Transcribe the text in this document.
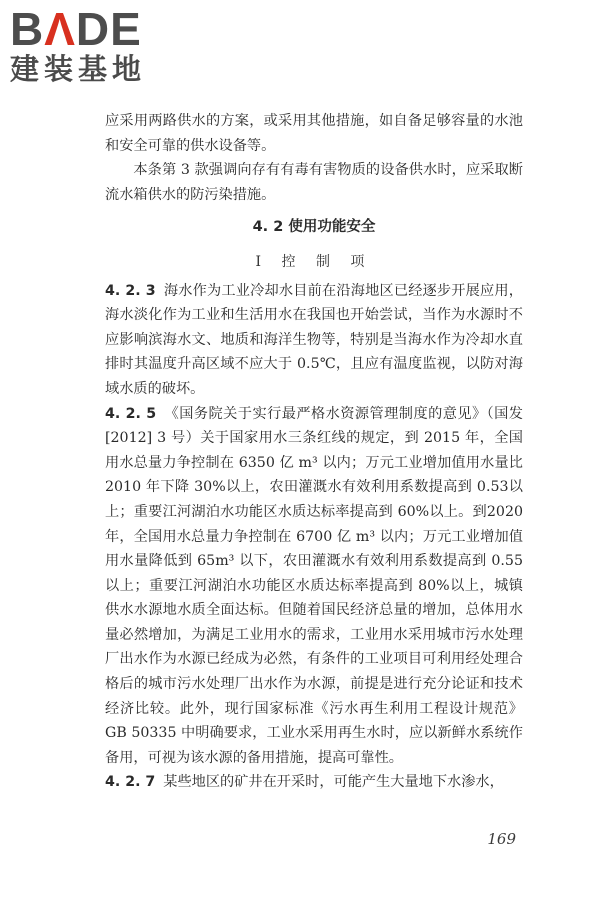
BΛDE
建装基地

应采用两路供水的方案，或采用其他措施，如自备足够容量的水池和安全可靠的供水设备等。

本条第 3 款强调向存有有毒有害物质的设备供水时，应采取断流水箱供水的防污染措施。

4. 2 使用功能安全
Ⅰ 控 制 项

4. 2. 3 海水作为工业冷却水目前在沿海地区已经逐步开展应用，海水淡化作为工业和生活用水在我国也开始尝试，当作为水源时不应影响滨海水文、地质和海洋生物等，特别是当海水作为冷却水直排时其温度升高区域不应大于 0.5℃，且应有温度监视，以防对海域水质的破坏。

4. 2. 5 《国务院关于实行最严格水资源管理制度的意见》（国发[2012] 3 号）关于国家用水三条红线的规定，到 2015 年，全国用水总量力争控制在 6350 亿 m³ 以内；万元工业增加值用水量比 2010 年下降 30%以上，农田灌溉水有效利用系数提高到 0.53以上；重要江河湖泊水功能区水质达标率提高到 60%以上。到2020 年，全国用水总量力争控制在 6700 亿 m³ 以内；万元工业增加值用水量降低到 65m³ 以下，农田灌溉水有效利用系数提高到 0.55 以上；重要江河湖泊水功能区水质达标率提高到 80%以上，城镇供水水源地水质全面达标。但随着国民经济总量的增加，总体用水量必然增加，为满足工业用水的需求，工业用水采用城市污水处理厂出水作为水源已经成为必然，有条件的工业项目可利用经处理合格后的城市污水处理厂出水作为水源，前提是进行充分论证和技术经济比较。此外，现行国家标准《污水再生利用工程设计规范》GB 50335 中明确要求，工业水采用再生水时，应以新鲜水系统作备用，可视为该水源的备用措施，提高可靠性。

4. 2. 7 某些地区的矿井在开采时，可能产生大量地下水渗水，

169
